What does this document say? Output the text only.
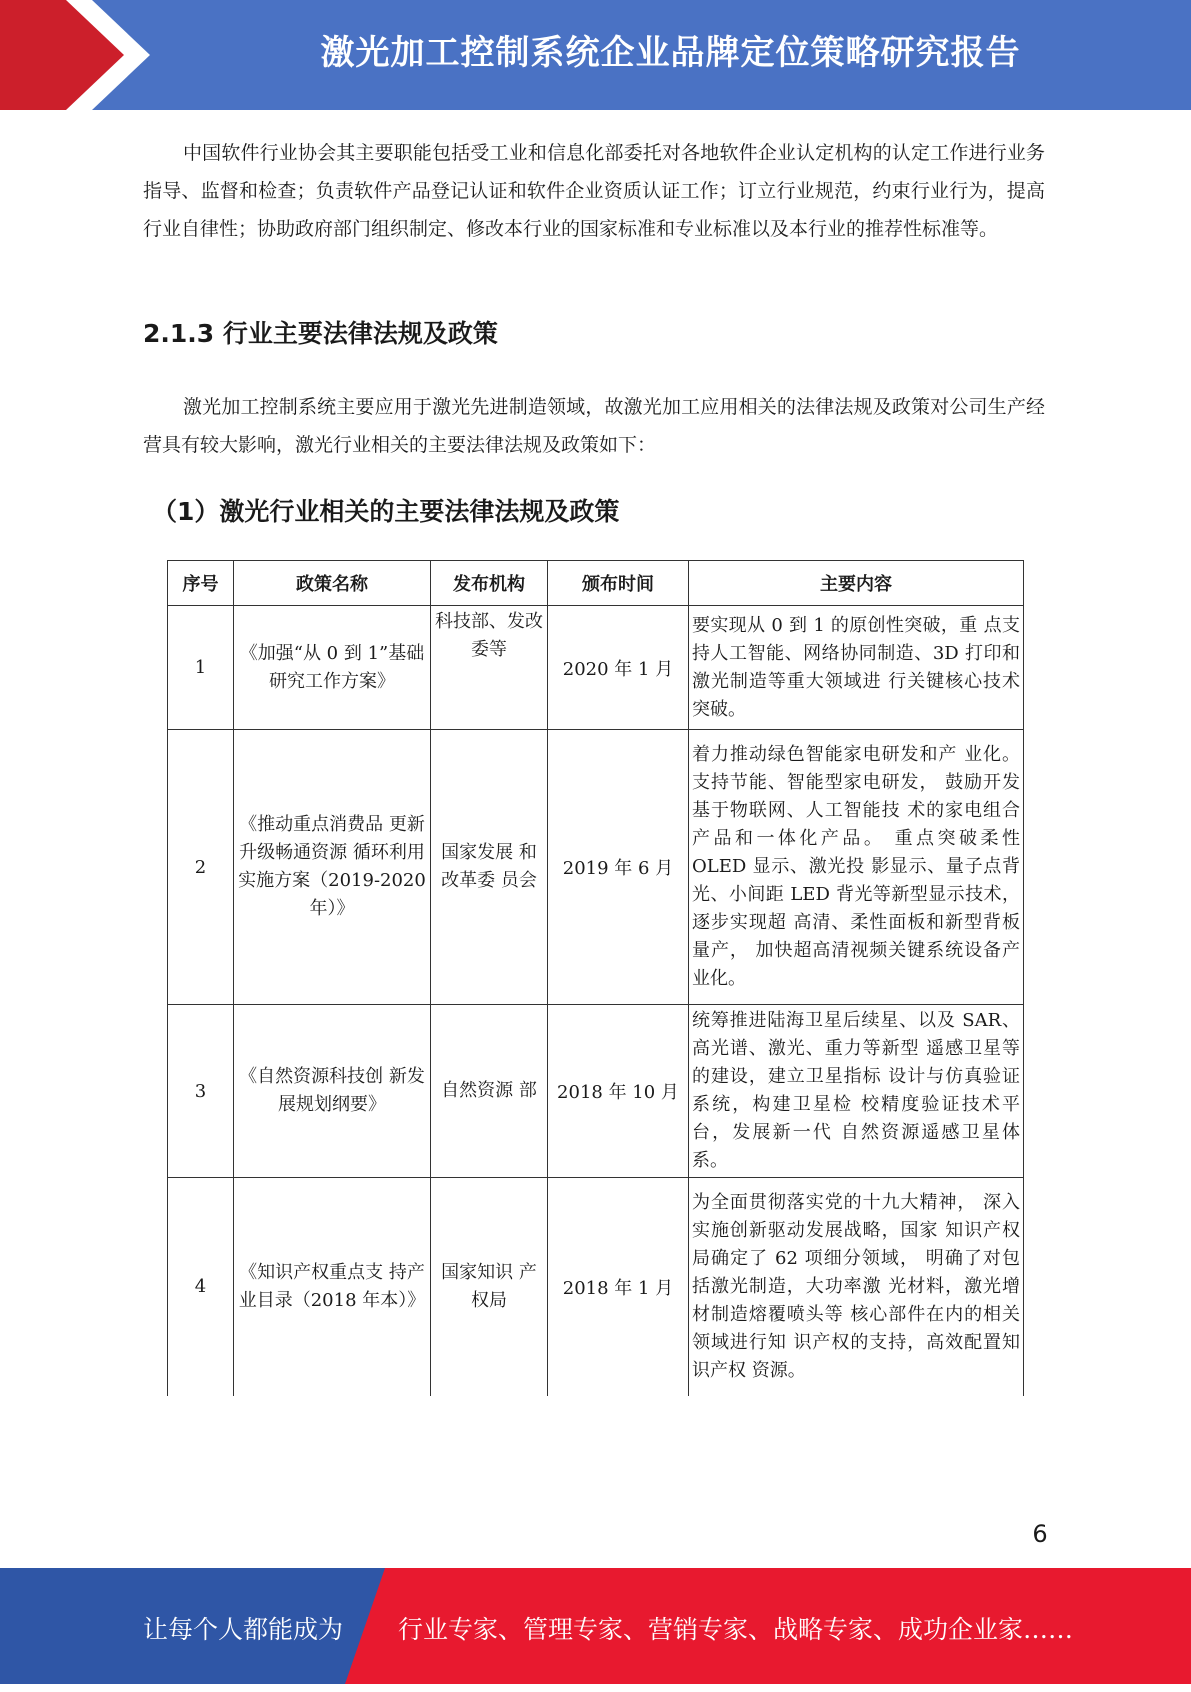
激光加工控制系统企业品牌定位策略研究报告

中国软件行业协会其主要职能包括受工业和信息化部委托对各地软件企业认定机构的认定工作进行业务指导、监督和检查；负责软件产品登记认证和软件企业资质认证工作；订立行业规范，约束行业行为，提高行业自律性；协助政府部门组织制定、修改本行业的国家标准和专业标准以及本行业的推荐性标准等。

2.1.3 行业主要法律法规及政策

激光加工控制系统主要应用于激光先进制造领域，故激光加工应用相关的法律法规及政策对公司生产经营具有较大影响，激光行业相关的主要法律法规及政策如下：

（1）激光行业相关的主要法律法规及政策
序号	政策名称	发布机构	颁布时间	主要内容
1	《加强“从 0 到 1”基础研究工作方案》	科技部、发改委等	2020 年 1 月	要实现从 0 到 1 的原创性突破，重 点支持人工智能、网络协同制造、3D 打印和激光制造等重大领域进 行关键核心技术突破。
2	《推动重点消费品 更新升级畅通资源 循环利用实施方案（2019-2020 年）》	国家发展 和改革委 员会	2019 年 6 月	着力推动绿色智能家电研发和产 业化。支持节能、智能型家电研发， 鼓励开发基于物联网、人工智能技 术的家电组合产品和一体化产品。 重点突破柔性 OLED 显示、激光投 影显示、量子点背光、小间距 LED 背光等新型显示技术，逐步实现超 高清、柔性面板和新型背板量产， 加快超高清视频关键系统设备产 业化。
3	《自然资源科技创 新发展规划纲要》	自然资源 部	2018 年 10 月	统筹推进陆海卫星后续星、以及 SAR、高光谱、激光、重力等新型 遥感卫星等的建设，建立卫星指标 设计与仿真验证系统，构建卫星检 校精度验证技术平台，发展新一代 自然资源遥感卫星体系。
4	《知识产权重点支 持产业目录（2018 年本）》	国家知识 产权局	2018 年 1 月	为全面贯彻落实党的十九大精神， 深入实施创新驱动发展战略，国家 知识产权局确定了 62 项细分领域， 明确了对包括激光制造，大功率激 光材料，激光增材制造熔覆喷头等 核心部件在内的相关领域进行知 识产权的支持，高效配置知识产权 资源。
6
让每个人都能成为 行业专家、管理专家、营销专家、战略专家、成功企业家……
